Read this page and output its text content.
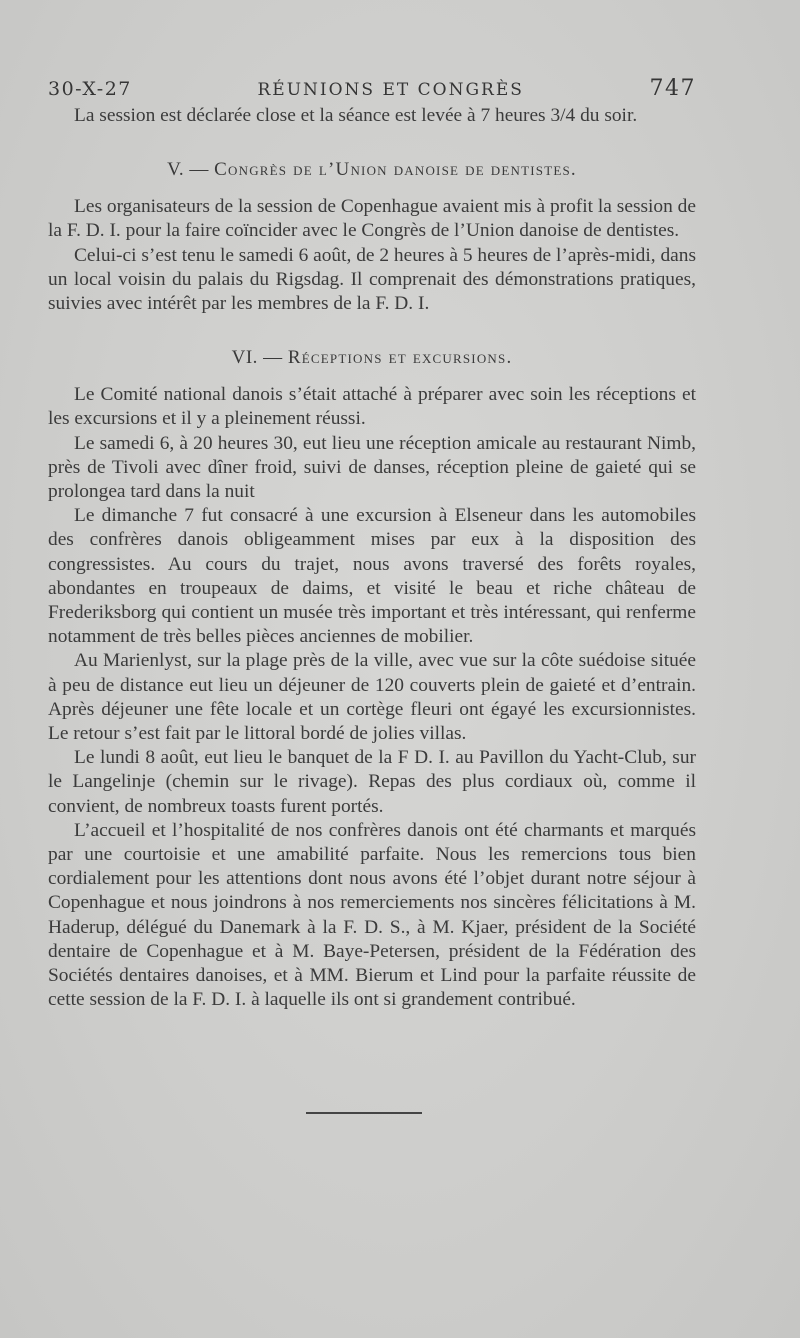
30-X-27	RÉUNIONS ET CONGRÈS	747

La session est déclarée close et la séance est levée à 7 heures 3/4 du soir.

V. — Congrès de l’Union danoise de dentistes.

Les organisateurs de la session de Copenhague avaient mis à profit la session de la F. D. I. pour la faire coïncider avec le Congrès de l’Union danoise de dentistes.

Celui-ci s’est tenu le samedi 6 août, de 2 heures à 5 heures de l’après-midi, dans un local voisin du palais du Rigsdag. Il comprenait des démonstrations pratiques, suivies avec intérêt par les membres de la F. D. I.

VI. — Réceptions et excursions.

Le Comité national danois s’était attaché à préparer avec soin les réceptions et les excursions et il y a pleinement réussi.

Le samedi 6, à 20 heures 30, eut lieu une réception amicale au restaurant Nimb, près de Tivoli avec dîner froid, suivi de danses, réception pleine de gaieté qui se prolongea tard dans la nuit

Le dimanche 7 fut consacré à une excursion à Elseneur dans les automobiles des confrères danois obligeamment mises par eux à la disposition des congressistes. Au cours du trajet, nous avons traversé des forêts royales, abondantes en troupeaux de daims, et visité le beau et riche château de Frederiksborg qui contient un musée très important et très intéressant, qui renferme notamment de très belles pièces anciennes de mobilier.

Au Marienlyst, sur la plage près de la ville, avec vue sur la côte suédoise située à peu de distance eut lieu un déjeuner de 120 couverts plein de gaieté et d’entrain. Après déjeuner une fête locale et un cortège fleuri ont égayé les excursionnistes. Le retour s’est fait par le littoral bordé de jolies villas.

Le lundi 8 août, eut lieu le banquet de la F D. I. au Pavillon du Yacht-Club, sur le Langelinje (chemin sur le rivage). Repas des plus cordiaux où, comme il convient, de nombreux toasts furent portés.

L’accueil et l’hospitalité de nos confrères danois ont été charmants et marqués par une courtoisie et une amabilité parfaite. Nous les remercions tous bien cordialement pour les attentions dont nous avons été l’objet durant notre séjour à Copenhague et nous joindrons à nos remerciements nos sincères félicitations à M. Haderup, délégué du Danemark à la F. D. S., à M. Kjaer, président de la Société dentaire de Copenhague et à M. Baye-Petersen, président de la Fédération des Sociétés dentaires danoises, et à MM. Bierum et Lind pour la parfaite réussite de cette session de la F. D. I. à laquelle ils ont si grandement contribué.
